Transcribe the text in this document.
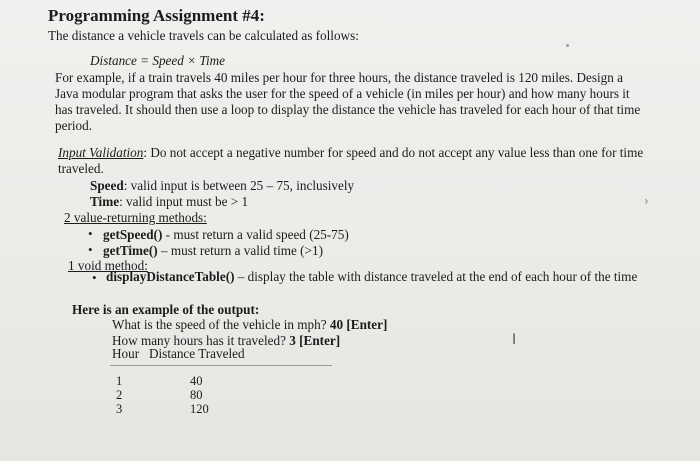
Programming Assignment #4:
The distance a vehicle travels can be calculated as follows:
Distance = Speed × Time
For example, if a train travels 40 miles per hour for three hours, the distance traveled is 120 miles. Design a
Java modular program that asks the user for the speed of a vehicle (in miles per hour) and how many hours it
has traveled. It should then use a loop to display the distance the vehicle has traveled for each hour of that time
period.
Input Validation: Do not accept a negative number for speed and do not accept any value less than one for time
traveled.
Speed: valid input is between 25 – 75, inclusively
Time: valid input must be > 1	›
2 value-returning methods:
• getSpeed() - must return a valid speed (25-75)
• getTime() – must return a valid time (>1)
1 void method:
• displayDistanceTable() – display the table with distance traveled at the end of each hour of the time
Here is an example of the output:
What is the speed of the vehicle in mph? 40 [Enter]
How many hours has it traveled? 3 [Enter]
Hour   Distance Traveled
I
1
2
3
40
80
120
